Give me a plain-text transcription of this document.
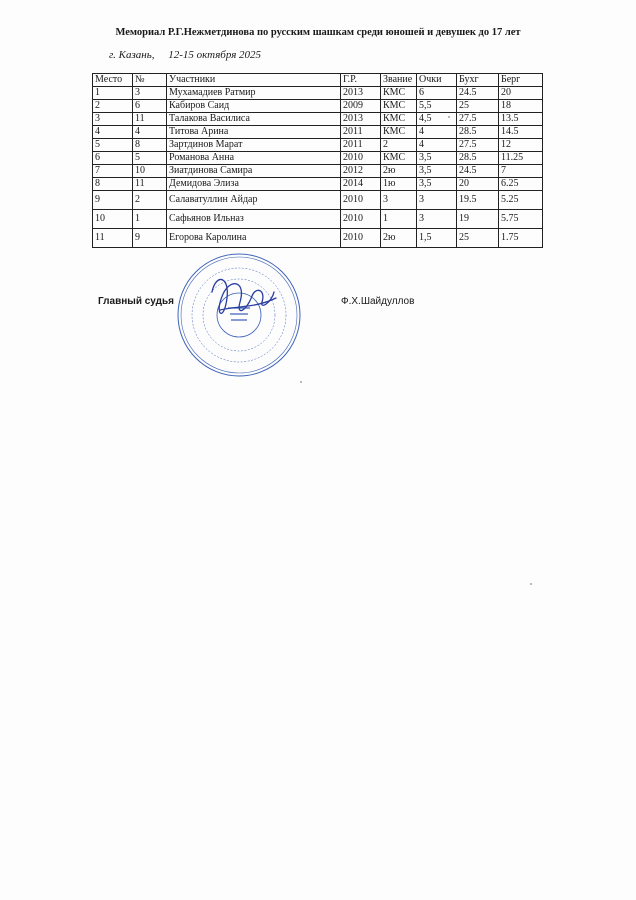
Мемориал Р.Г.Нежметдинова по русским шашкам среди юношей и девушек до 17 лет
г. Казань,     12-15 октября 2025
Место	№	Участники	Г.Р.	Звание	Очки	Бухг	Берг
1	3	Мухамадиев Ратмир	2013	КМС	6	24.5	20
2	6	Кабиров Саид	2009	КМС	5,5	25	18
3	11	Талакова Василиса	2013	КМС	4,5	27.5	13.5
4	4	Титова Арина	2011	КМС	4	28.5	14.5
5	8	Зартдинов Марат	2011	2	4	27.5	12
6	5	Романова Анна	2010	КМС	3,5	28.5	11.25
7	10	Зиатдинова Самира	2012	2ю	3,5	24.5	7
8	11	Демидова Элиза	2014	1ю	3,5	20	6.25
9	2	Салаватуллин Айдар	2010	3	3	19.5	5.25
10	1	Сафьянов Ильназ	2010	1	3	19	5.75
11	9	Егорова Каролина	2010	2ю	1,5	25	1.75
Главный судья	Ф.Х.Шайдуллов
